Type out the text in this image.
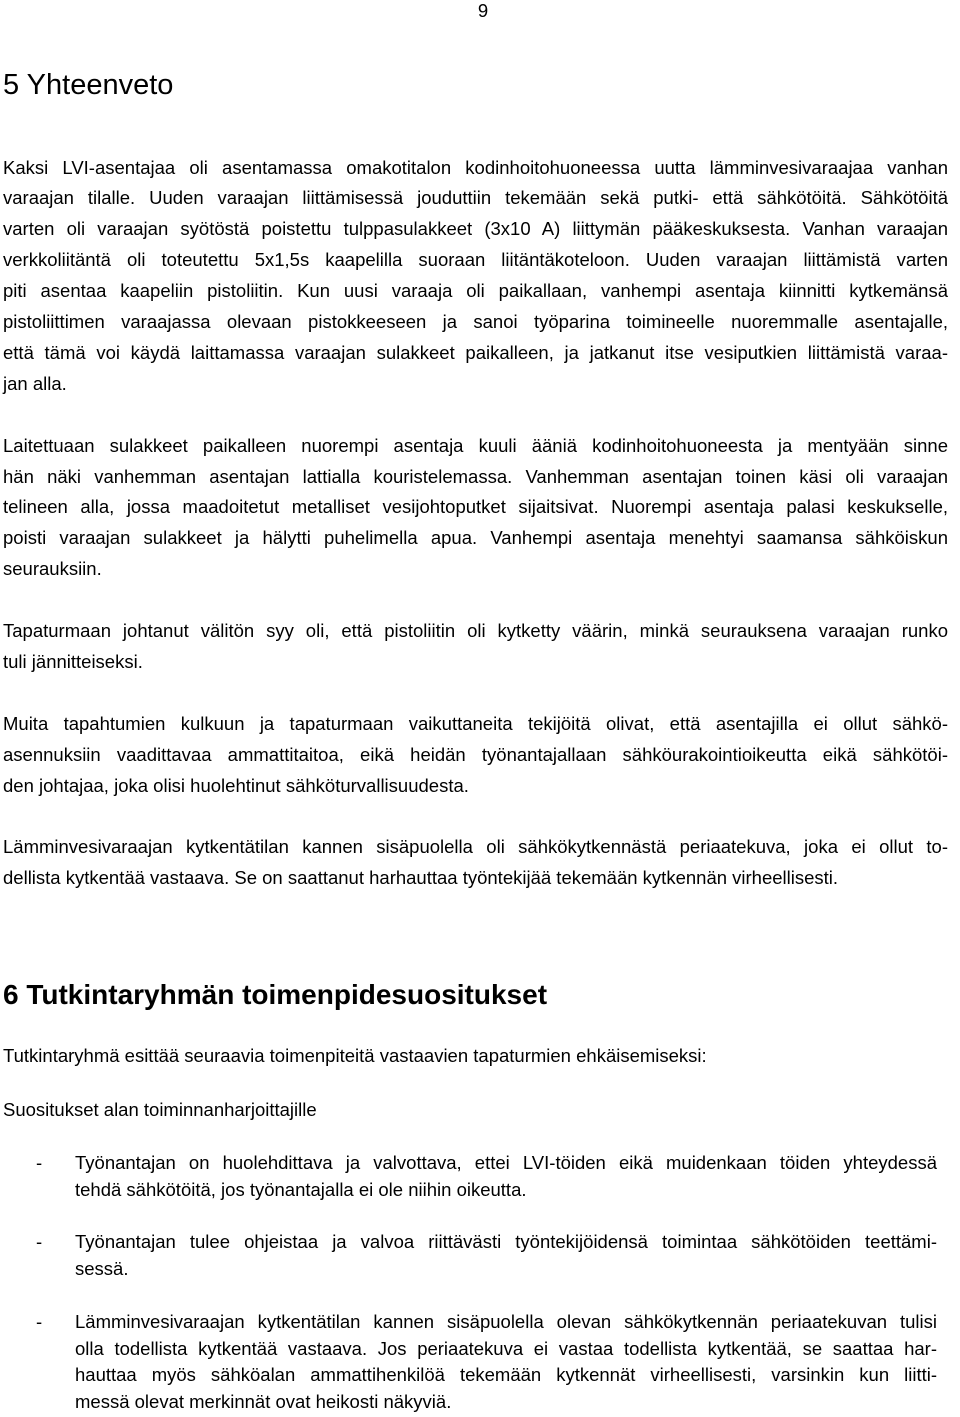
9
5 Yhteenveto

Kaksi LVI-asentajaa oli asentamassa omakotitalon kodinhoitohuoneessa uutta lämminvesivaraajaa vanhan
varaajan tilalle. Uuden varaajan liittämisessä jouduttiin tekemään sekä putki- että sähkötöitä. Sähkötöitä
varten oli varaajan syötöstä poistettu tulppasulakkeet (3x10 A) liittymän pääkeskuksesta. Vanhan varaajan
verkkoliitäntä oli toteutettu 5x1,5s kaapelilla suoraan liitäntäkoteloon. Uuden varaajan liittämistä varten
piti asentaa kaapeliin pistoliitin. Kun uusi varaaja oli paikallaan, vanhempi asentaja kiinnitti kytkemänsä
pistoliittimen varaajassa olevaan pistokkeeseen ja sanoi työparina toimineelle nuoremmalle asentajalle,
että tämä voi käydä laittamassa varaajan sulakkeet paikalleen, ja jatkanut itse vesiputkien liittämistä varaa-
jan alla.

Laitettuaan sulakkeet paikalleen nuorempi asentaja kuuli ääniä kodinhoitohuoneesta ja mentyään sinne
hän näki vanhemman asentajan lattialla kouristelemassa. Vanhemman asentajan toinen käsi oli varaajan
telineen alla, jossa maadoitetut metalliset vesijohtoputket sijaitsivat. Nuorempi asentaja palasi keskukselle,
poisti varaajan sulakkeet ja hälytti puhelimella apua. Vanhempi asentaja menehtyi saamansa sähköiskun
seurauksiin.

Tapaturmaan johtanut välitön syy oli, että pistoliitin oli kytketty väärin, minkä seurauksena varaajan runko
tuli jännitteiseksi.

Muita tapahtumien kulkuun ja tapaturmaan vaikuttaneita tekijöitä olivat, että asentajilla ei ollut sähkö-
asennuksiin vaadittavaa ammattitaitoa, eikä heidän työnantajallaan sähköurakointioikeutta eikä sähkötöi-
den johtajaa, joka olisi huolehtinut sähköturvallisuudesta.

Lämminvesivaraajan kytkentätilan kannen sisäpuolella oli sähkökytkennästä periaatekuva, joka ei ollut to-
dellista kytkentää vastaava. Se on saattanut harhauttaa työntekijää tekemään kytkennän virheellisesti.

6 Tutkintaryhmän toimenpidesuositukset

Tutkintaryhmä esittää seuraavia toimenpiteitä vastaavien tapaturmien ehkäisemiseksi:

Suositukset alan toiminnanharjoittajille

- Työnantajan on huolehdittava ja valvottava, ettei LVI-töiden eikä muidenkaan töiden yhteydessä
tehdä sähkötöitä, jos työnantajalla ei ole niihin oikeutta.
- Työnantajan tulee ohjeistaa ja valvoa riittävästi työntekijöidensä toimintaa sähkötöiden teettämi-
sessä.
- Lämminvesivaraajan kytkentätilan kannen sisäpuolella olevan sähkökytkennän periaatekuvan tulisi
olla todellista kytkentää vastaava. Jos periaatekuva ei vastaa todellista kytkentää, se saattaa har-
hauttaa myös sähköalan ammattihenkilöä tekemään kytkennät virheellisesti, varsinkin kun liitti-
messä olevat merkinnät ovat heikosti näkyviä.
